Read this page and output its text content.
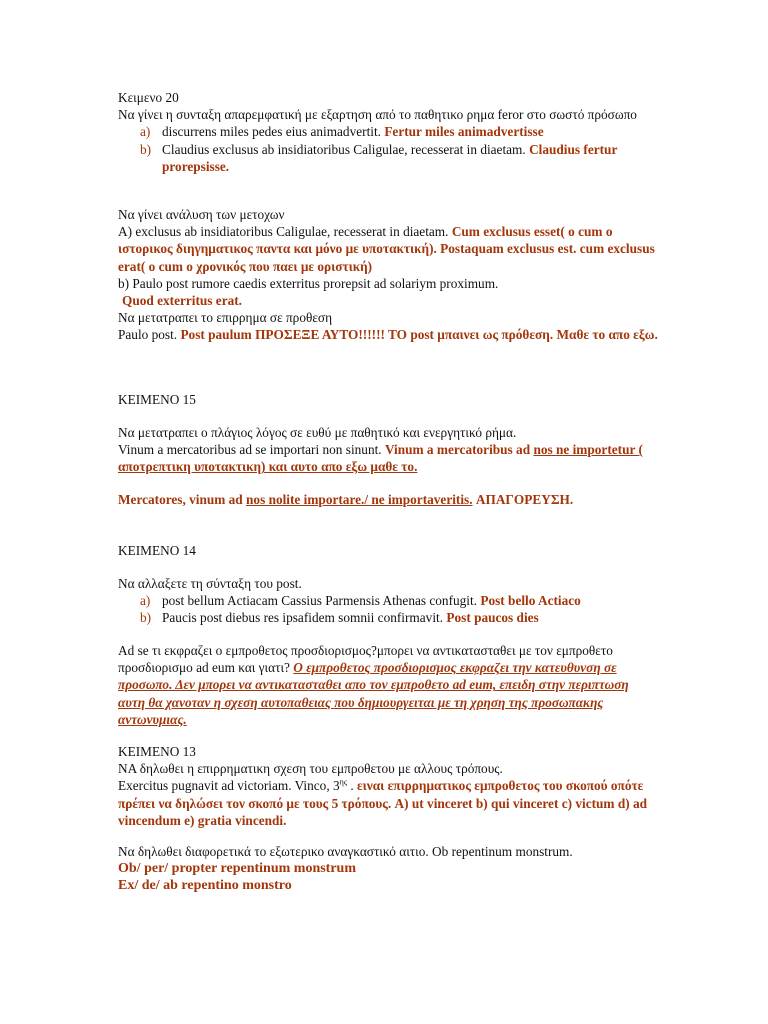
Κειμενο 20

Να γίνει η συνταξη απαρεμφατική με εξαρτηση από το παθητικο ρημα feror στο σωστό πρόσωπο

a) discurrens miles pedes eius animadvertit. Fertur miles animadvertisse

b) Claudius exclusus ab insidiatoribus Caligulae, recesserat in diaetam. Claudius fertur prorepsisse.

Να γίνει ανάλυση των μετοχων

A) exclusus ab insidiatoribus Caligulae, recesserat in diaetam. Cum exclusus esset( ο cum ο ιστορικος διηγηματικος παντα και μόνο με υποτακτική). Postaquam exclusus est. cum exclusus erat( ο cum ο χρονικός που παει με οριστική)

b) Paulo post rumore caedis exterritus prorepsit ad solariym proximum.

Quod exterritus erat.

Να μετατραπει το επιρρημα σε προθεση

Paulo post. Post paulum ΠΡΟΣΕΞΕ ΑΥΤΟ!!!!!! ΤΟ post μπαινει ως πρόθεση. Μαθε το απο εξω.

ΚΕΙΜΕΝΟ 15

Να μετατραπει ο πλάγιος λόγος σε ευθύ με παθητικό και ενεργητικό ρήμα.

Vinum a mercatoribus ad se importari non sinunt. Vinum a mercatoribus ad nos ne importetur ( αποτρεπτικη υποτακτικη) και αυτο απο εξω μαθε το.

Mercatores, vinum ad nos nolite importare./ ne importaveritis. ΑΠΑΓΟΡΕΥΣΗ.

ΚΕΙΜΕΝΟ 14

Να αλλαξετε τη σύνταξη του post.

a) post bellum Actiacam Cassius Parmensis Athenas confugit. Post bello Actiaco

b) Paucis post diebus res ipsafidem somnii confirmavit. Post paucos dies

Ad se τι εκφραζει ο εμπροθετος προσδιορισμος?μπορει να αντικατασταθει με τον εμπροθετο προσδιορισμο ad eum και γιατι? Ο εμπροθετος προσδιορισμος εκφραζει την κατευθυνση σε προσωπο. Δεν μπορει να αντικατασταθει απο τον εμπροθετο ad eum, επειδη στην περιπτωση αυτη θα χανοταν η σχεση αυτοπαθειας που δημιουργειται με τη χρηση της προσωπακης αντωνυμιας.

ΚΕΙΜΕΝΟ 13

ΝΑ δηλωθει η επιρρηματικη σχεση του εμπροθετου με αλλους τρόπους.

Exercitus pugnavit ad victoriam. Vinco, $3^{\eta\varsigma}$ . ειναι επιρρηματικος εμπροθετος του σκοπού οπότε πρέπει να δηλώσει τον σκοπό με τους 5 τρόπους. A) ut vinceret b) qui vinceret c) victum d) ad vincendum e) gratia vincendi.

Να δηλωθει διαφορετικά το εξωτερικο αναγκαστικό αιτιο. Ob repentinum monstrum.

Ob/ per/ propter repentinum monstrum

Ex/ de/ ab repentino monstro
